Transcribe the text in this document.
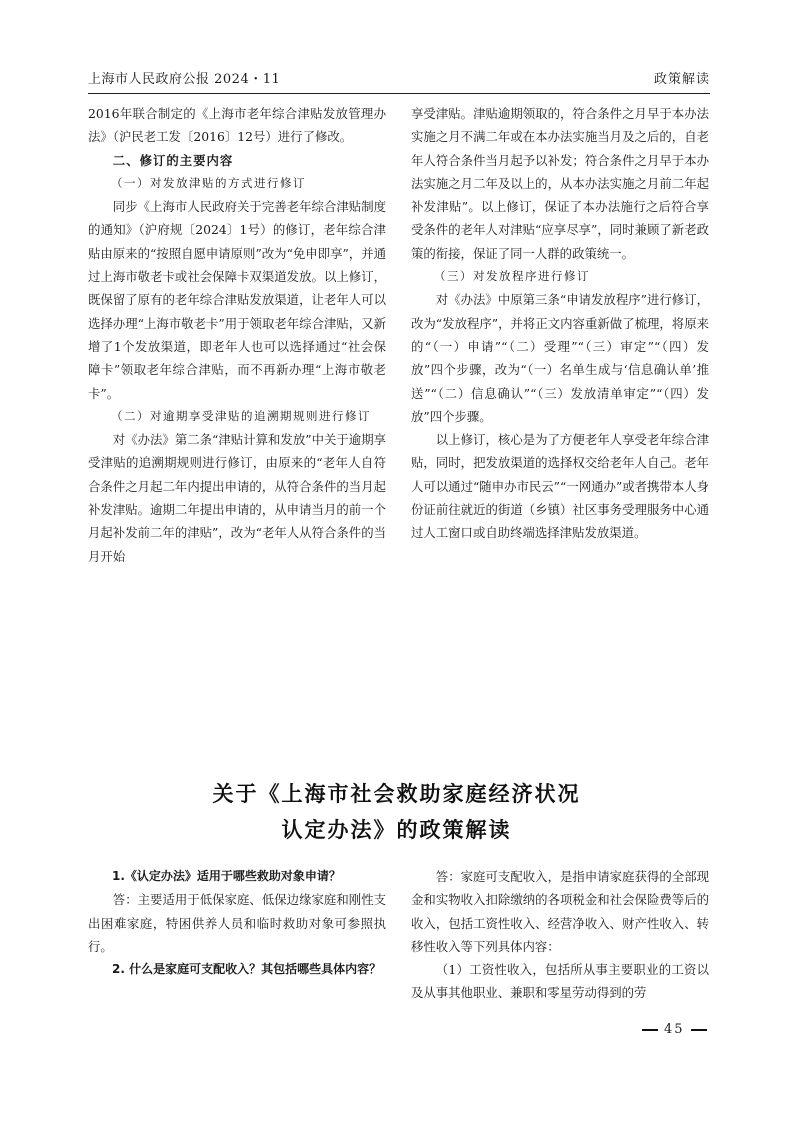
上海市人民政府公报 2024・11	政策解读

2016年联合制定的《上海市老年综合津贴发放管理办法》（沪民老工发〔2016〕12号）进行了修改。

二、修订的主要内容

（一）对发放津贴的方式进行修订

同步《上海市人民政府关于完善老年综合津贴制度的通知》（沪府规〔2024〕1号）的修订，老年综合津贴由原来的“按照自愿申请原则”改为“免申即享”，并通过上海市敬老卡或社会保障卡双渠道发放。以上修订，既保留了原有的老年综合津贴发放渠道，让老年人可以选择办理“上海市敬老卡”用于领取老年综合津贴，又新增了1个发放渠道，即老年人也可以选择通过“社会保障卡”领取老年综合津贴，而不再新办理“上海市敬老卡”。

（二）对逾期享受津贴的追溯期规则进行修订

对《办法》第二条“津贴计算和发放”中关于逾期享受津贴的追溯期规则进行修订，由原来的“老年人自符合条件之月起二年内提出申请的，从符合条件的当月起补发津贴。逾期二年提出申请的，从申请当月的前一个月起补发前二年的津贴”，改为“老年人从符合条件的当月开始

享受津贴。津贴逾期领取的，符合条件之月早于本办法实施之月不满二年或在本办法实施当月及之后的，自老年人符合条件当月起予以补发；符合条件之月早于本办法实施之月二年及以上的，从本办法实施之月前二年起补发津贴”。以上修订，保证了本办法施行之后符合享受条件的老年人对津贴“应享尽享”，同时兼顾了新老政策的衔接，保证了同一人群的政策统一。

（三）对发放程序进行修订

对《办法》中原第三条“申请发放程序”进行修订，改为“发放程序”，并将正文内容重新做了梳理，将原来的“（一）申请”“（二）受理”“（三）审定”“（四）发放”四个步骤，改为“（一）名单生成与‘信息确认单’推送”“（二）信息确认”“（三）发放清单审定”“（四）发放”四个步骤。

以上修订，核心是为了方便老年人享受老年综合津贴，同时，把发放渠道的选择权交给老年人自己。老年人可以通过“随申办市民云”“一网通办”或者携带本人身份证前往就近的街道（乡镇）社区事务受理服务中心通过人工窗口或自助终端选择津贴发放渠道。

关于《上海市社会救助家庭经济状况
认定办法》的政策解读

1.《认定办法》适用于哪些救助对象申请？

答：主要适用于低保家庭、低保边缘家庭和刚性支出困难家庭，特困供养人员和临时救助对象可参照执行。

2. 什么是家庭可支配收入？其包括哪些具体内容？

答：家庭可支配收入，是指申请家庭获得的全部现金和实物收入扣除缴纳的各项税金和社会保险费等后的收入，包括工资性收入、经营净收入、财产性收入、转移性收入等下列具体内容：

（1）工资性收入，包括所从事主要职业的工资以及从事其他职业、兼职和零星劳动得到的劳

45
